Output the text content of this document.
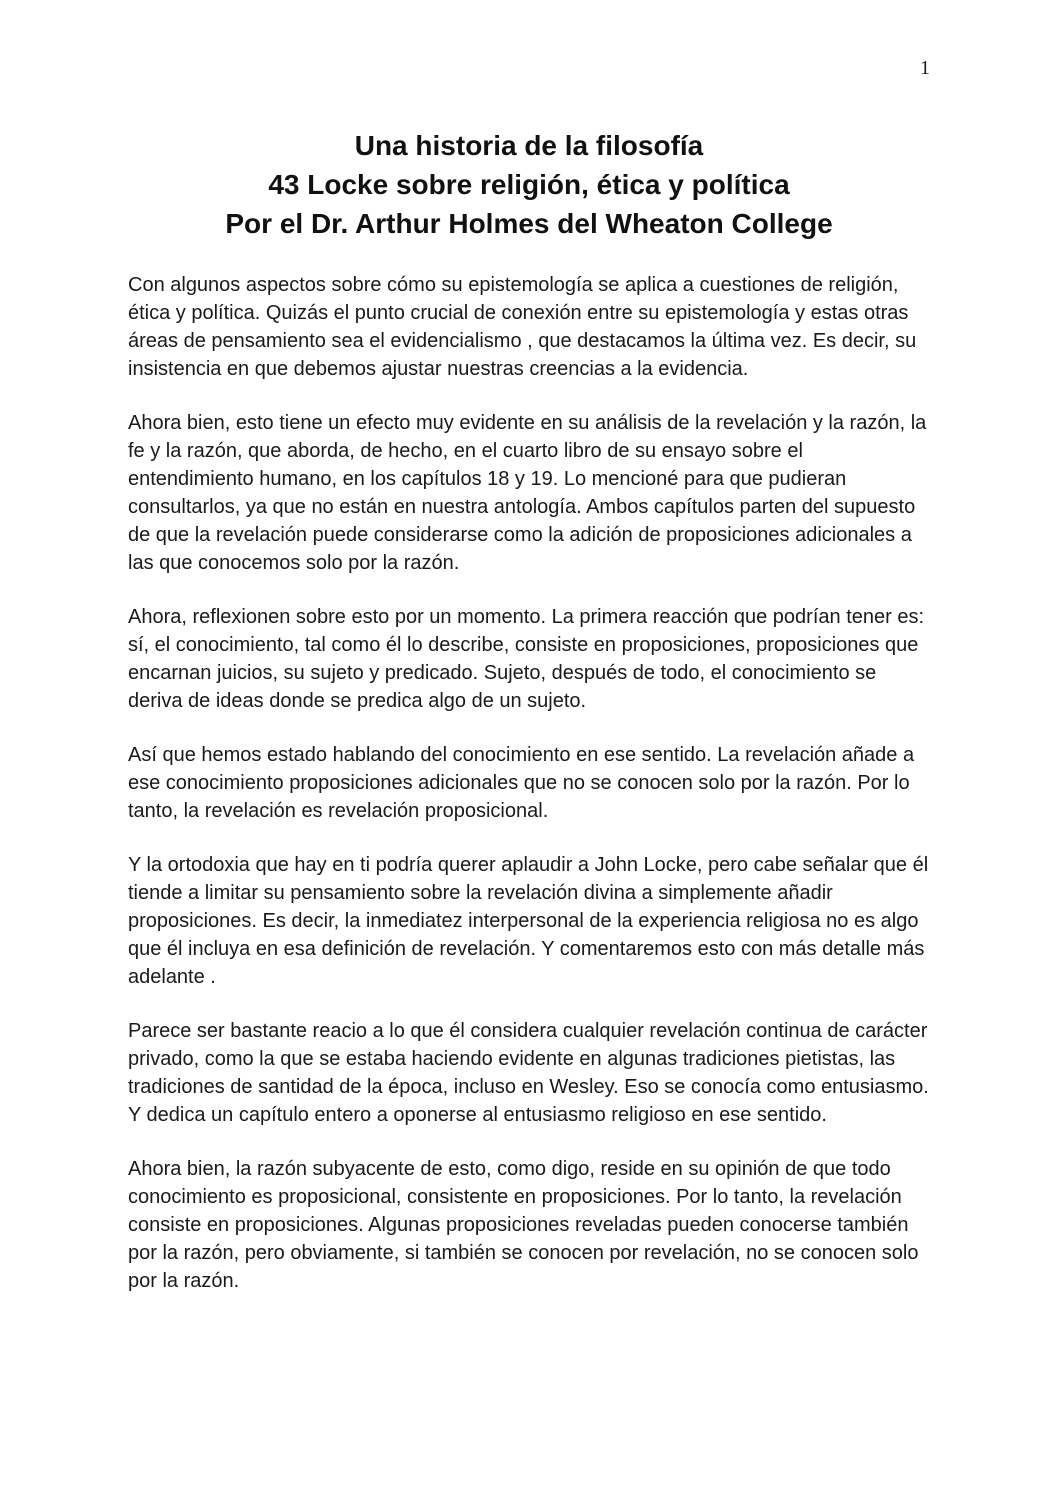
1
Una historia de la filosofía
43 Locke sobre religión, ética y política
Por el Dr. Arthur Holmes del Wheaton College

Con algunos aspectos sobre cómo su epistemología se aplica a cuestiones de religión, ética y política. Quizás el punto crucial de conexión entre su epistemología y estas otras áreas de pensamiento sea el evidencialismo , que destacamos la última vez. Es decir, su insistencia en que debemos ajustar nuestras creencias a la evidencia.

Ahora bien, esto tiene un efecto muy evidente en su análisis de la revelación y la razón, la fe y la razón, que aborda, de hecho, en el cuarto libro de su ensayo sobre el entendimiento humano, en los capítulos 18 y 19. Lo mencioné para que pudieran consultarlos, ya que no están en nuestra antología. Ambos capítulos parten del supuesto de que la revelación puede considerarse como la adición de proposiciones adicionales a las que conocemos solo por la razón.

Ahora, reflexionen sobre esto por un momento. La primera reacción que podrían tener es: sí, el conocimiento, tal como él lo describe, consiste en proposiciones, proposiciones que encarnan juicios, su sujeto y predicado. Sujeto, después de todo, el conocimiento se deriva de ideas donde se predica algo de un sujeto.

Así que hemos estado hablando del conocimiento en ese sentido. La revelación añade a ese conocimiento proposiciones adicionales que no se conocen solo por la razón. Por lo tanto, la revelación es revelación proposicional.

Y la ortodoxia que hay en ti podría querer aplaudir a John Locke, pero cabe señalar que él tiende a limitar su pensamiento sobre la revelación divina a simplemente añadir proposiciones. Es decir, la inmediatez interpersonal de la experiencia religiosa no es algo que él incluya en esa definición de revelación. Y comentaremos esto con más detalle más adelante .

Parece ser bastante reacio a lo que él considera cualquier revelación continua de carácter privado, como la que se estaba haciendo evidente en algunas tradiciones pietistas, las tradiciones de santidad de la época, incluso en Wesley. Eso se conocía como entusiasmo. Y dedica un capítulo entero a oponerse al entusiasmo religioso en ese sentido.

Ahora bien, la razón subyacente de esto, como digo, reside en su opinión de que todo conocimiento es proposicional, consistente en proposiciones. Por lo tanto, la revelación consiste en proposiciones. Algunas proposiciones reveladas pueden conocerse también por la razón, pero obviamente, si también se conocen por revelación, no se conocen solo por la razón.
